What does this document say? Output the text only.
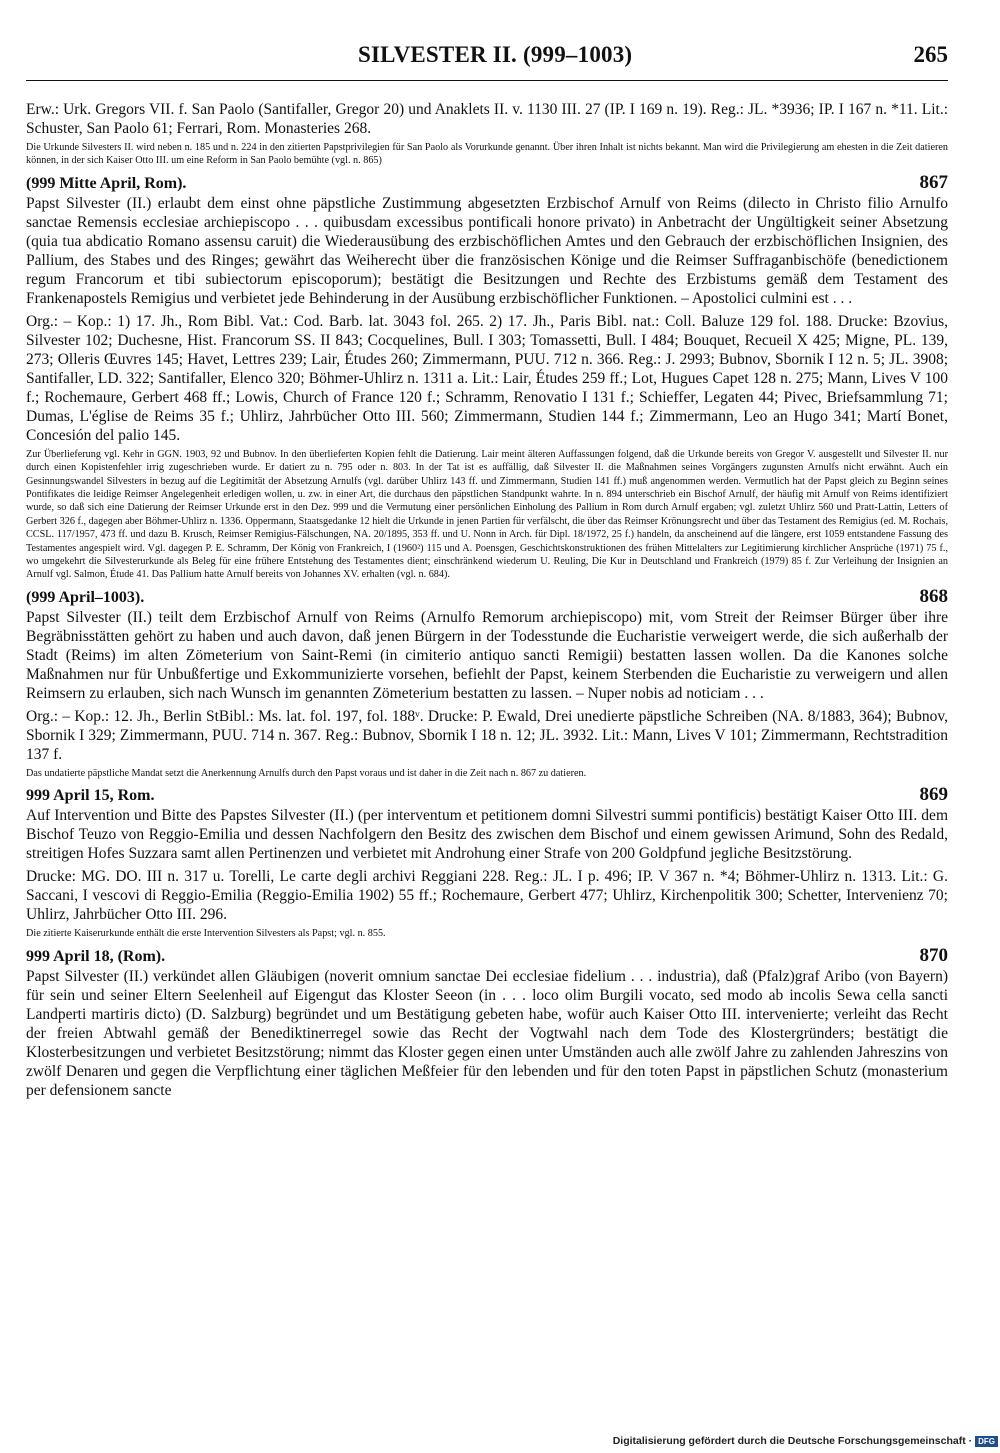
SILVESTER II. (999–1003)	265

Erw.: Urk. Gregors VII. f. San Paolo (Santifaller, Gregor 20) und Anaklets II. v. 1130 III. 27 (IP. I 169 n. 19). Reg.: JL. *3936; IP. I 167 n. *11. Lit.: Schuster, San Paolo 61; Ferrari, Rom. Monasteries 268.

Die Urkunde Silvesters II. wird neben n. 185 und n. 224 in den zitierten Papstprivilegien für San Paolo als Vorurkunde genannt. Über ihren Inhalt ist nichts bekannt. Man wird die Privilegierung am ehesten in die Zeit datieren können, in der sich Kaiser Otto III. um eine Reform in San Paolo bemühte (vgl. n. 865)

(999 Mitte April, Rom).	867

Papst Silvester (II.) erlaubt dem einst ohne päpstliche Zustimmung abgesetzten Erzbischof Arnulf von Reims (dilecto in Christo filio Arnulfo sanctae Remensis ecclesiae archiepiscopo . . . quibusdam excessibus pontificali honore privato) in Anbetracht der Ungültigkeit seiner Absetzung (quia tua abdicatio Romano assensu caruit) die Wiederausübung des erzbischöflichen Amtes und den Gebrauch der erzbischöflichen Insignien, des Pallium, des Stabes und des Ringes; gewährt das Weiherecht über die französischen Könige und die Reimser Suffraganbischöfe (benedictionem regum Francorum et tibi subiectorum episcoporum); bestätigt die Besitzungen und Rechte des Erzbistums gemäß dem Testament des Frankenapostels Remigius und verbietet jede Behinderung in der Ausübung erzbischöflicher Funktionen. – Apostolici culmini est . . .

Org.: – Kop.: 1) 17. Jh., Rom Bibl. Vat.: Cod. Barb. lat. 3043 fol. 265. 2) 17. Jh., Paris Bibl. nat.: Coll. Baluze 129 fol. 188. Drucke: Bzovius, Silvester 102; Duchesne, Hist. Francorum SS. II 843; Cocquelines, Bull. I 303; Tomassetti, Bull. I 484; Bouquet, Recueil X 425; Migne, PL. 139, 273; Olleris Œuvres 145; Havet, Lettres 239; Lair, Études 260; Zimmermann, PUU. 712 n. 366. Reg.: J. 2993; Bubnov, Sbornik I 12 n. 5; JL. 3908; Santifaller, LD. 322; Santifaller, Elenco 320; Böhmer-Uhlirz n. 1311 a. Lit.: Lair, Études 259 ff.; Lot, Hugues Capet 128 n. 275; Mann, Lives V 100 f.; Rochemaure, Gerbert 468 ff.; Lowis, Church of France 120 f.; Schramm, Renovatio I 131 f.; Schieffer, Legaten 44; Pivec, Briefsammlung 71; Dumas, L'église de Reims 35 f.; Uhlirz, Jahrbücher Otto III. 560; Zimmermann, Studien 144 f.; Zimmermann, Leo an Hugo 341; Martí Bonet, Concesión del palio 145.

Zur Überlieferung vgl. Kehr in GGN. 1903, 92 und Bubnov. In den überlieferten Kopien fehlt die Datierung. Lair meint älteren Auffassungen folgend, daß die Urkunde bereits von Gregor V. ausgestellt und Silvester II. nur durch einen Kopistenfehler irrig zugeschrieben wurde. Er datiert zu n. 795 oder n. 803. In der Tat ist es auffällig, daß Silvester II. die Maßnahmen seines Vorgängers zugunsten Arnulfs nicht erwähnt. Auch ein Gesinnungswandel Silvesters in bezug auf die Legitimität der Absetzung Arnulfs (vgl. darüber Uhlirz 143 ff. und Zimmermann, Studien 141 ff.) muß angenommen werden. Vermutlich hat der Papst gleich zu Beginn seines Pontifikates die leidige Reimser Angelegenheit erledigen wollen, u. zw. in einer Art, die durchaus den päpstlichen Standpunkt wahrte. In n. 894 unterschrieb ein Bischof Arnulf, der häufig mit Arnulf von Reims identifiziert wurde, so daß sich eine Datierung der Reimser Urkunde erst in den Dez. 999 und die Vermutung einer persönlichen Einholung des Pallium in Rom durch Arnulf ergaben; vgl. zuletzt Uhlirz 560 und Pratt-Lattin, Letters of Gerbert 326 f., dagegen aber Böhmer-Uhlirz n. 1336. Oppermann, Staatsgedanke 12 hielt die Urkunde in jenen Partien für verfälscht, die über das Reimser Krönungsrecht und über das Testament des Remigius (ed. M. Rochais, CCSL. 117/1957, 473 ff. und dazu B. Krusch, Reimser Remigius-Fälschungen, NA. 20/1895, 353 ff. und U. Nonn in Arch. für Dipl. 18/1972, 25 f.) handeln, da anscheinend auf die längere, erst 1059 entstandene Fassung des Testamentes angespielt wird. Vgl. dagegen P. E. Schramm, Der König von Frankreich, I (1960²) 115 und A. Poensgen, Geschichtskonstruktionen des frühen Mittelalters zur Legitimierung kirchlicher Ansprüche (1971) 75 f., wo umgekehrt die Silvesterurkunde als Beleg für eine frühere Entstehung des Testamentes dient; einschränkend wiederum U. Reuling, Die Kur in Deutschland und Frankreich (1979) 85 f. Zur Verleihung der Insignien an Arnulf vgl. Salmon, Étude 41. Das Pallium hatte Arnulf bereits von Johannes XV. erhalten (vgl. n. 684).

(999 April–1003).	868

Papst Silvester (II.) teilt dem Erzbischof Arnulf von Reims (Arnulfo Remorum archiepiscopo) mit, vom Streit der Reimser Bürger über ihre Begräbnisstätten gehört zu haben und auch davon, daß jenen Bürgern in der Todesstunde die Eucharistie verweigert werde, die sich außerhalb der Stadt (Reims) im alten Zömeterium von Saint-Remi (in cimiterio antiquo sancti Remigii) bestatten lassen wollen. Da die Kanones solche Maßnahmen nur für Unbußfertige und Exkommunizierte vorsehen, befiehlt der Papst, keinem Sterbenden die Eucharistie zu verweigern und allen Reimsern zu erlauben, sich nach Wunsch im genannten Zömeterium bestatten zu lassen. – Nuper nobis ad noticiam . . .

Org.: – Kop.: 12. Jh., Berlin StBibl.: Ms. lat. fol. 197, fol. 188ᵛ. Drucke: P. Ewald, Drei unedierte päpstliche Schreiben (NA. 8/1883, 364); Bubnov, Sbornik I 329; Zimmermann, PUU. 714 n. 367. Reg.: Bubnov, Sbornik I 18 n. 12; JL. 3932. Lit.: Mann, Lives V 101; Zimmermann, Rechtstradition 137 f.

Das undatierte päpstliche Mandat setzt die Anerkennung Arnulfs durch den Papst voraus und ist daher in die Zeit nach n. 867 zu datieren.

999 April 15, Rom.	869

Auf Intervention und Bitte des Papstes Silvester (II.) (per interventum et petitionem domni Silvestri summi pontificis) bestätigt Kaiser Otto III. dem Bischof Teuzo von Reggio-Emilia und dessen Nachfolgern den Besitz des zwischen dem Bischof und einem gewissen Arimund, Sohn des Redald, streitigen Hofes Suzzara samt allen Pertinenzen und verbietet mit Androhung einer Strafe von 200 Goldpfund jegliche Besitzstörung.

Drucke: MG. DO. III n. 317 u. Torelli, Le carte degli archivi Reggiani 228. Reg.: JL. I p. 496; IP. V 367 n. *4; Böhmer-Uhlirz n. 1313. Lit.: G. Saccani, I vescovi di Reggio-Emilia (Reggio-Emilia 1902) 55 ff.; Rochemaure, Gerbert 477; Uhlirz, Kirchenpolitik 300; Schetter, Intervenienz 70; Uhlirz, Jahrbücher Otto III. 296.

Die zitierte Kaiserurkunde enthält die erste Intervention Silvesters als Papst; vgl. n. 855.

999 April 18, (Rom).	870

Papst Silvester (II.) verkündet allen Gläubigen (noverit omnium sanctae Dei ecclesiae fidelium . . . industria), daß (Pfalz)graf Aribo (von Bayern) für sein und seiner Eltern Seelenheil auf Eigengut das Kloster Seeon (in . . . loco olim Burgili vocato, sed modo ab incolis Sewa cella sancti Landperti martiris dicto) (D. Salzburg) begründet und um Bestätigung gebeten habe, wofür auch Kaiser Otto III. intervenierte; verleiht das Recht der freien Abtwahl gemäß der Benediktinerregel sowie das Recht der Vogtwahl nach dem Tode des Klostergründers; bestätigt die Klosterbesitzungen und verbietet Besitzstörung; nimmt das Kloster gegen einen unter Umständen auch alle zwölf Jahre zu zahlenden Jahreszins von zwölf Denaren und gegen die Verpflichtung einer täglichen Meßfeier für den lebenden und für den toten Papst in päpstlichen Schutz (monasterium per defensionem sancte

Digitalisierung gefördert durch die Deutsche Forschungsgemeinschaft · DFG
